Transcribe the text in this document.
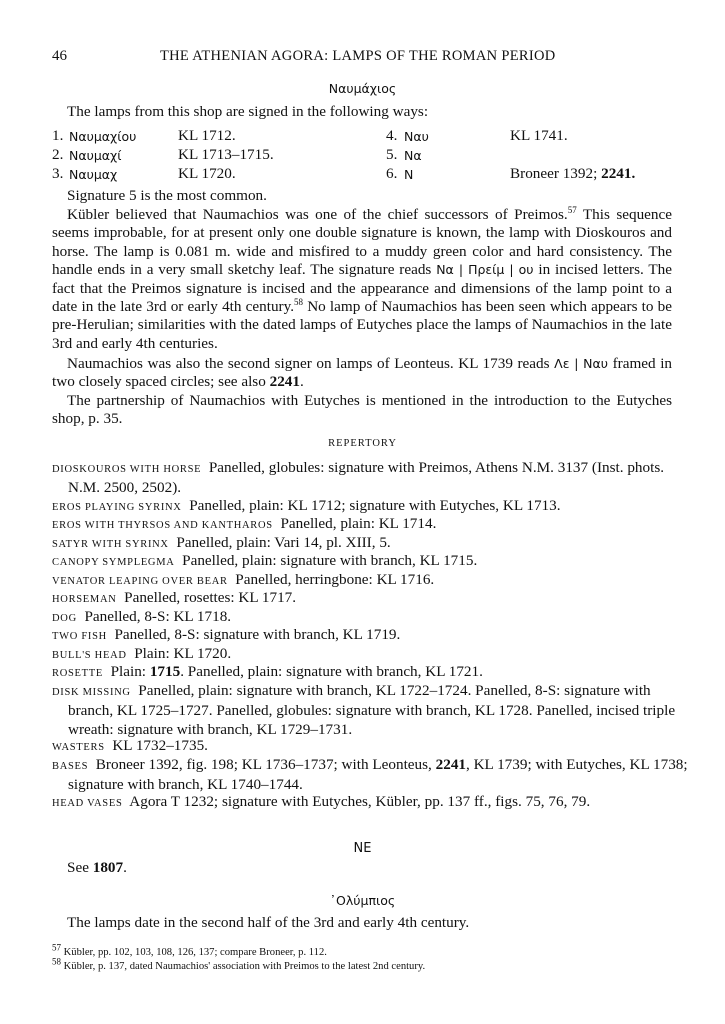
46	THE ATHENIAN AGORA: LAMPS OF THE ROMAN PERIOD
Ναυμάχιος
The lamps from this shop are signed in the following ways:
1. Ναυμαχίου	KL 1712.
2. Ναυμαχί	KL 1713–1715.
3. Ναυμαχ	KL 1720.
4. Ναυ	KL 1741.
5. Να
6. Ν	Broneer 1392; 2241.
Signature 5 is the most common.
Kübler believed that Naumachios was one of the chief successors of Preimos.$^{57}$ This sequence seems improbable, for at present only one double signature is known, the lamp with Dioskouros and horse. The lamp is 0.081 m. wide and misfired to a muddy green color and hard consistency. The handle ends in a very small sketchy leaf. The signature reads Να | Πρείμ | ου in incised letters. The fact that the Preimos signature is incised and the appearance and dimensions of the lamp point to a date in the late 3rd or early 4th century.$^{58}$ No lamp of Naumachios has been seen which appears to be pre-Herulian; similarities with the dated lamps of Eutyches place the lamps of Naumachios in the late 3rd and early 4th centuries.
Naumachios was also the second signer on lamps of Leonteus. KL 1739 reads Λε | Ναυ framed in two closely spaced circles; see also 2241.
The partnership of Naumachios with Eutyches is mentioned in the introduction to the Eutyches shop, p. 35.
REPERTORY
DIOSKOUROS WITH HORSE Panelled, globules: signature with Preimos, Athens N.M. 3137 (Inst. phots. N.M. 2500, 2502).
EROS PLAYING SYRINX Panelled, plain: KL 1712; signature with Eutyches, KL 1713.
EROS WITH THYRSOS AND KANTHAROS Panelled, plain: KL 1714.
SATYR WITH SYRINX Panelled, plain: Vari 14, pl. XIII, 5.
CANOPY SYMPLEGMA Panelled, plain: signature with branch, KL 1715.
VENATOR LEAPING OVER BEAR Panelled, herringbone: KL 1716.
HORSEMAN Panelled, rosettes: KL 1717.
DOG Panelled, 8-S: KL 1718.
TWO FISH Panelled, 8-S: signature with branch, KL 1719.
BULL'S HEAD Plain: KL 1720.
ROSETTE Plain: 1715. Panelled, plain: signature with branch, KL 1721.
DISK MISSING Panelled, plain: signature with branch, KL 1722–1724. Panelled, 8-S: signature with branch, KL 1725–1727. Panelled, globules: signature with branch, KL 1728. Panelled, incised triple wreath: signature with branch, KL 1729–1731.
WASTERS KL 1732–1735.
BASES Broneer 1392, fig. 198; KL 1736–1737; with Leonteus, 2241, KL 1739; with Eutyches, KL 1738; signature with branch, KL 1740–1744.
HEAD VASES Agora T 1232; signature with Eutyches, Kübler, pp. 137 ff., figs. 75, 76, 79.
ΝΕ
See 1807.
᾿Ολύμπιος
The lamps date in the second half of the 3rd and early 4th century.
$^{57}$ Kübler, pp. 102, 103, 108, 126, 137; compare Broneer, p. 112.
$^{58}$ Kübler, p. 137, dated Naumachios' association with Preimos to the latest 2nd century.
